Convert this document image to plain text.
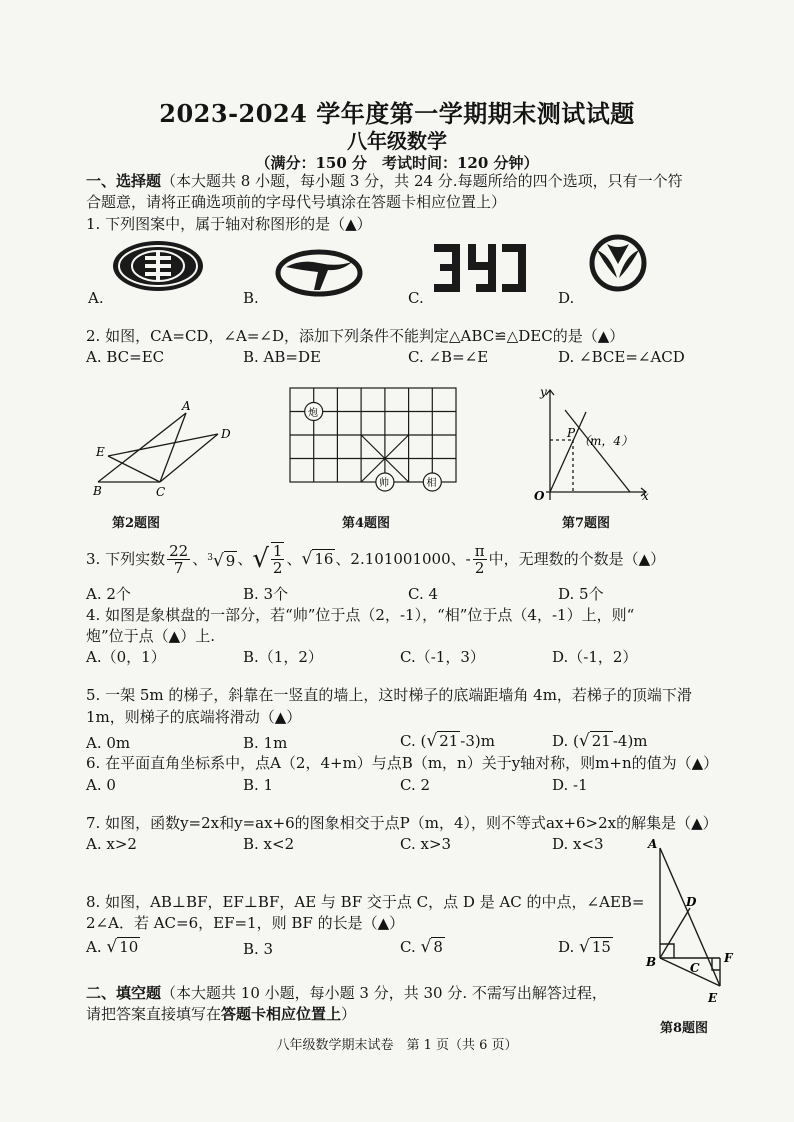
2023-2024 学年度第一学期期末测试试题
八年级数学
（满分：150 分　考试时间：120 分钟）
一、选择题（本大题共 8 小题，每小题 3 分，共 24 分.每题所给的四个选项，只有一个符
合题意，请将正确选项前的字母代号填涂在答题卡相应位置上）
1. 下列图案中，属于轴对称图形的是（▲）
A.	B.	C.	D.
2. 如图，CA=CD，∠A=∠D，添加下列条件不能判定△ABC≌△DEC的是（▲）
A. BC=EC	B. AB=DE	C. ∠B=∠E	D. ∠BCE=∠ACD
A
D
E
B	C
第2题图
炮
帅	相
第4题图
y
P
（m，4）
O	x
第7题图
3. 下列实数 $\frac{22}{7}$ 、 $^3$√ 9 、 √ $\frac{1}{2}$ 、 √ 16 、2.101001000、 - $\frac{\pi}{2}$ 中，无理数的个数是（▲）
A. 2个	B. 3个	C. 4	D. 5个
4. 如图是象棋盘的一部分，若“帅”位于点（2，-1），“相”位于点（4，-1）上，则“
炮”位于点（▲）上.
A.（0，1）	B.（1，2）	C.（-1，3）	D.（-1，2）
5. 一架 5m 的梯子，斜靠在一竖直的墙上，这时梯子的底端距墙角 4m，若梯子的顶端下滑
1m，则梯子的底端将滑动（▲）
A. 0m	B. 1m	C. (√ 21 -3)m	D. (√ 21 -4)m
6. 在平面直角坐标系中，点A（2，4+m）与点B（m，n）关于y轴对称，则m+n的值为（▲）
A. 0	B. 1	C. 2	D. -1
7. 如图，函数y=2x和y=ax+6的图象相交于点P（m，4），则不等式ax+6>2x的解集是（▲）
A. x>2	B. x<2	C. x>3	D. x<3
8. 如图，AB⊥BF，EF⊥BF，AE 与 BF 交于点 C，点 D 是 AC 的中点，∠AEB=
2∠A．若 AC=6，EF=1，则 BF 的长是（▲）
A. √ 10	B. 3	C. √ 8	D. √ 15
A
D
B	C
F
E
第8题图
二、填空题（本大题共 10 小题，每小题 3 分，共 30 分. 不需写出解答过程，
请把答案直接填写在答题卡相应位置上）
八年级数学期末试卷　第 1 页（共 6 页）
